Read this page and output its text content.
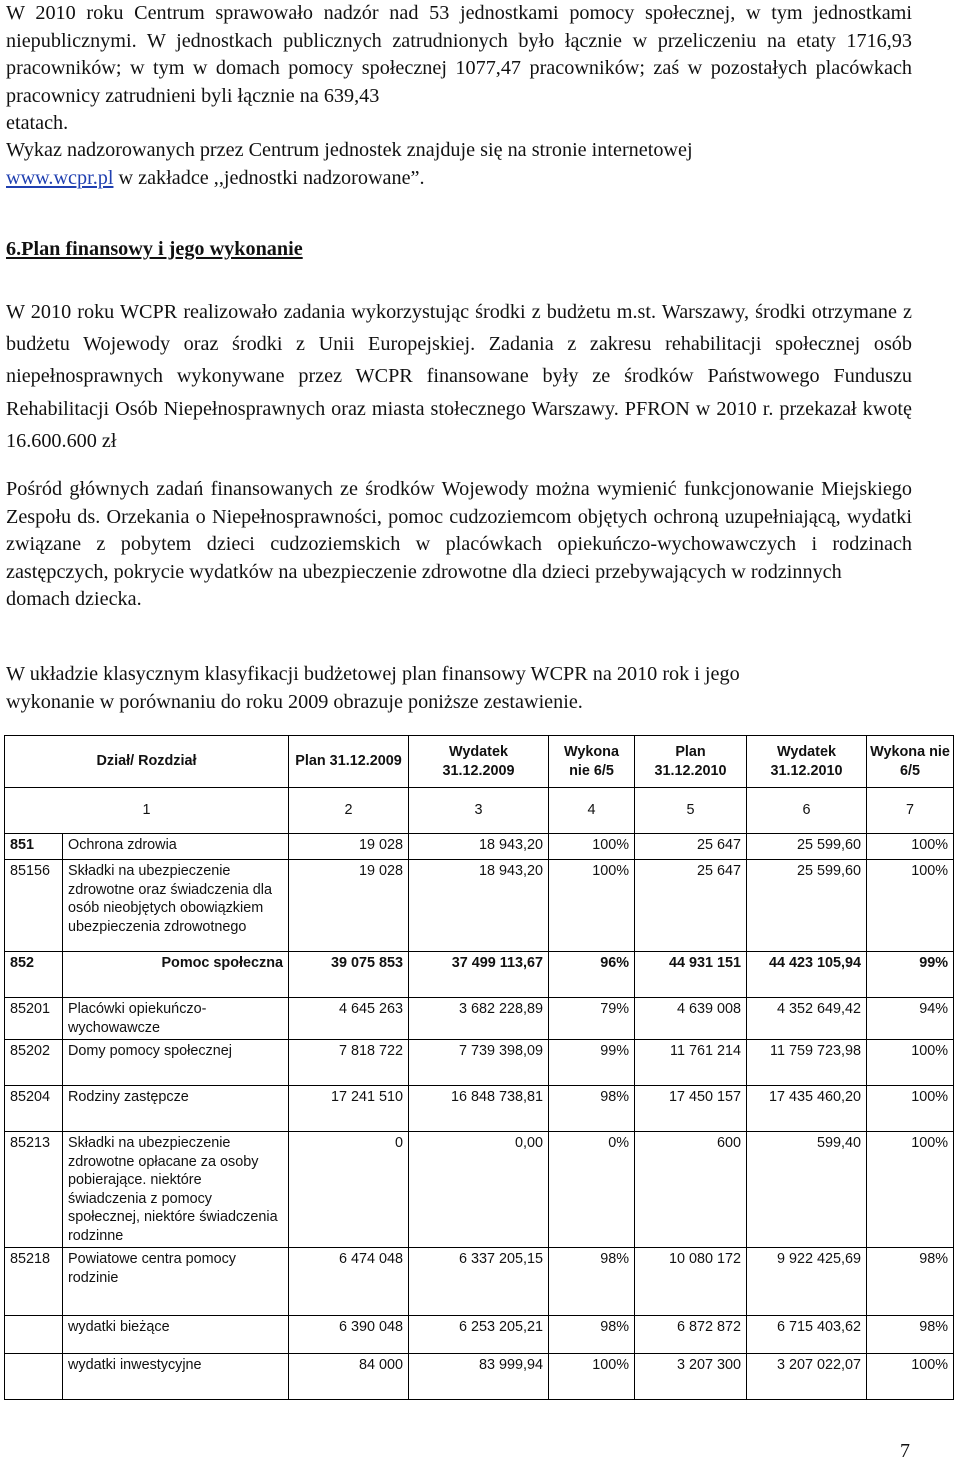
W 2010 roku Centrum sprawowało nadzór nad 53 jednostkami pomocy społecznej, w tym jednostkami niepublicznymi. W jednostkach publicznych zatrudnionych było łącznie w przeliczeniu na etaty 1716,93 pracowników; w tym w domach pomocy społecznej 1077,47 pracowników; zaś w pozostałych placówkach pracownicy zatrudnieni byli łącznie na 639,43
etatach.
Wykaz nadzorowanych przez Centrum jednostek znajduje się na stronie internetowej
www.wcpr.pl w zakładce ,,jednostki nadzorowane”.
6.Plan finansowy i jego wykonanie

W 2010 roku WCPR realizowało zadania wykorzystując środki z budżetu m.st. Warszawy, środki otrzymane z budżetu Wojewody oraz środki z Unii Europejskiej. Zadania z zakresu rehabilitacji społecznej osób niepełnosprawnych wykonywane przez WCPR finansowane były ze środków Państwowego Funduszu Rehabilitacji Osób Niepełnosprawnych oraz miasta stołecznego Warszawy. PFRON w 2010 r. przekazał kwotę 16.600.600 zł

Pośród głównych zadań finansowanych ze środków Wojewody można wymienić funkcjonowanie Miejskiego Zespołu ds. Orzekania o Niepełnosprawności, pomoc cudzoziemcom objętych ochroną uzupełniającą, wydatki związane z pobytem dzieci cudzoziemskich w placówkach opiekuńczo-wychowawczych i rodzinach zastępczych, pokrycie wydatków na ubezpieczenie zdrowotne dla dzieci przebywających w rodzinnych
domach dziecka.
W układzie klasycznym klasyfikacji budżetowej plan finansowy WCPR na 2010 rok i jego
wykonanie w porównaniu do roku 2009 obrazuje poniższe zestawienie.
Dział/ Rozdział		Plan 31.12.2009	Wydatek 31.12.2009	Wykona nie 6/5	Plan 31.12.2010	Wydatek 31.12.2010	Wykona nie 6/5
1		2	3	4	5	6	7
851	Ochrona zdrowia	19 028	18 943,20	100%	25 647	25 599,60	100%
85156	Składki na ubezpieczenie zdrowotne oraz świadczenia dla osób nieobjętych obowiązkiem ubezpieczenia zdrowotnego	19 028	18 943,20	100%	25 647	25 599,60	100%
852	Pomoc społeczna	39 075 853	37 499 113,67	96%	44 931 151	44 423 105,94	99%
85201	Placówki opiekuńczo-wychowawcze	4 645 263	3 682 228,89	79%	4 639 008	4 352 649,42	94%
85202	Domy pomocy społecznej	7 818 722	7 739 398,09	99%	11 761 214	11 759 723,98	100%
85204	Rodziny zastępcze	17 241 510	16 848 738,81	98%	17 450 157	17 435 460,20	100%
85213	Składki na ubezpieczenie zdrowotne opłacane za osoby pobierające. niektóre świadczenia z pomocy społecznej, niektóre świadczenia rodzinne	0	0,00	0%	600	599,40	100%
85218	Powiatowe centra pomocy rodzinie	6 474 048	6 337 205,15	98%	10 080 172	9 922 425,69	98%
	wydatki bieżące	6 390 048	6 253 205,21	98%	6 872 872	6 715 403,62	98%
	wydatki inwestycyjne	84 000	83 999,94	100%	3 207 300	3 207 022,07	100%
7
